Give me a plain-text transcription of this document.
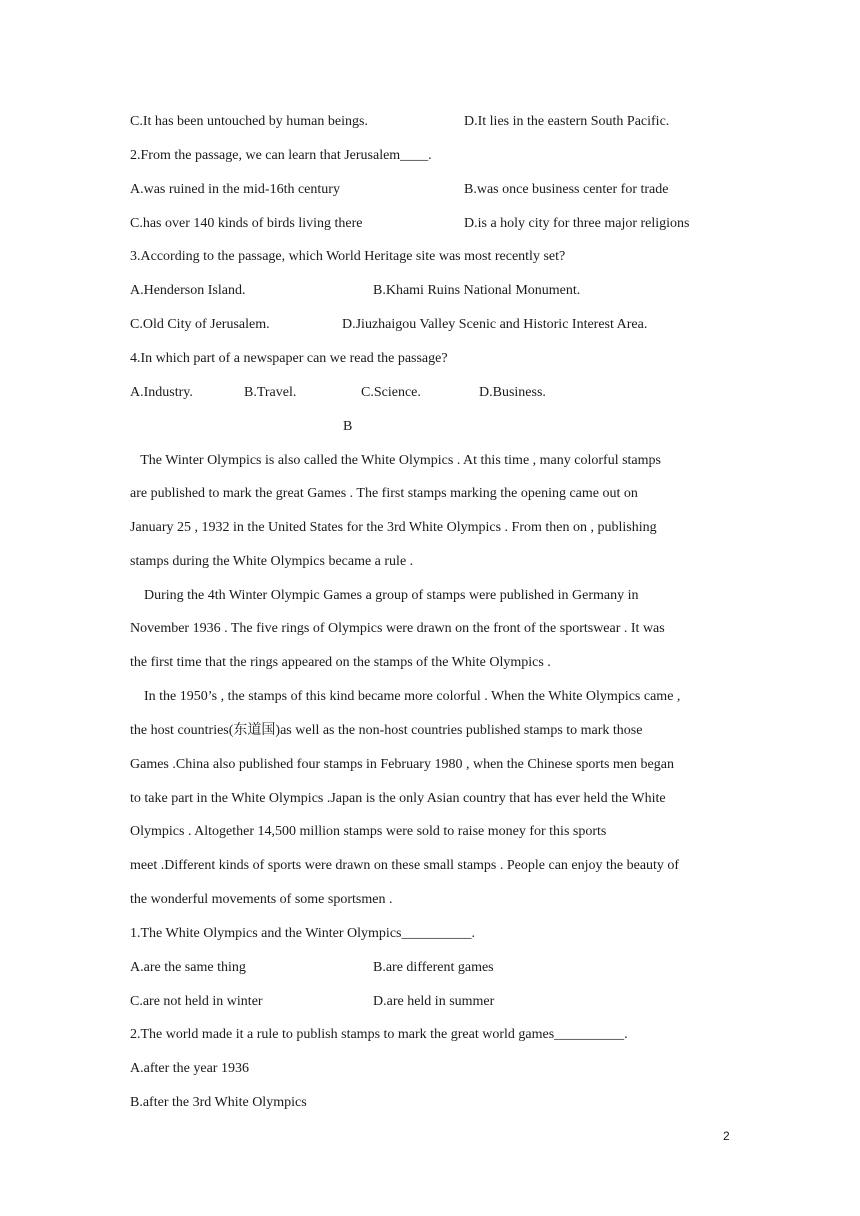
C.It has been untouched by human beings.	D.It lies in the eastern South Pacific.
2.From the passage, we can learn that Jerusalem____.
A.was ruined in the mid-16th century	B.was once business center for trade
C.has over 140 kinds of birds living there	D.is a holy city for three major religions
3.According to the passage, which World Heritage site was most recently set?
A.Henderson Island.	B.Khami Ruins National Monument.
C.Old City of Jerusalem.	D.Jiuzhaigou Valley Scenic and Historic Interest Area.
4.In which part of a newspaper can we read the passage?
A.Industry.	B.Travel.	C.Science.	D.Business.
B
The Winter Olympics is also called the White Olympics . At this time , many colorful stamps
are published to mark the great Games . The first stamps marking the opening came out on
January 25 , 1932 in the United States for the 3rd White Olympics . From then on , publishing
stamps during the White Olympics became a rule .
During the 4th Winter Olympic Games a group of stamps were published in Germany in
November 1936 . The five rings of Olympics were drawn on the front of the sportswear . It was
the first time that the rings appeared on the stamps of the White Olympics .
In the 1950’s , the stamps of this kind became more colorful . When the White Olympics came ,
the host countries(东道国)as well as the non-host countries published stamps to mark those
Games .China also published four stamps in February 1980 , when the Chinese sports men began
to take part in the White Olympics .Japan is the only Asian country that has ever held the White
Olympics . Altogether 14,500 million stamps were sold to raise money for this sports
meet .Different kinds of sports were drawn on these small stamps . People can enjoy the beauty of
the wonderful movements of some sportsmen .
1.The White Olympics and the Winter Olympics__________.
A.are the same thing	B.are different games
C.are not held in winter	D.are held in summer
2.The world made it a rule to publish stamps to mark the great world games__________.
A.after the year 1936
B.after the 3rd White Olympics
2
